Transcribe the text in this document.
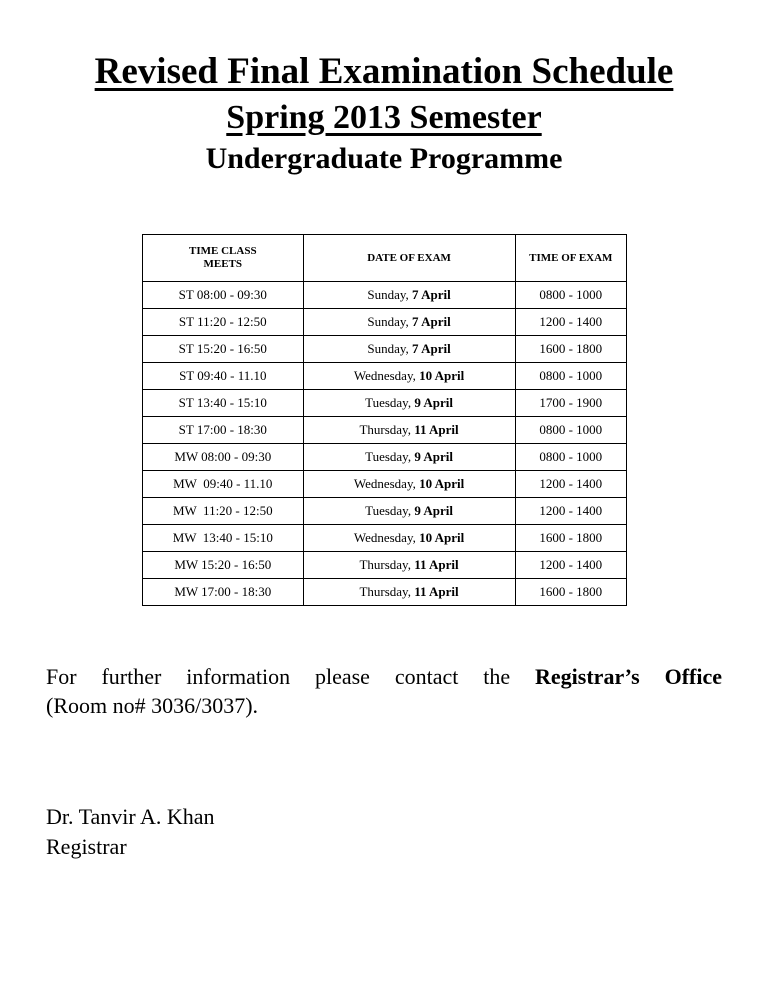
Revised Final Examination Schedule
Spring 2013 Semester
Undergraduate Programme
TIME CLASS
MEETS	DATE OF EXAM	TIME OF EXAM
ST 08:00 - 09:30	Sunday, 7 April	0800 - 1000
ST 11:20 - 12:50	Sunday, 7 April	1200 - 1400
ST 15:20 - 16:50	Sunday, 7 April	1600 - 1800
ST 09:40 - 11.10	Wednesday, 10 April	0800 - 1000
ST 13:40 - 15:10	Tuesday, 9 April	1700 - 1900
ST 17:00 - 18:30	Thursday, 11 April	0800 - 1000
MW 08:00 - 09:30	Tuesday, 9 April	0800 - 1000
MW  09:40 - 11.10	Wednesday, 10 April	1200 - 1400
MW  11:20 - 12:50	Tuesday, 9 April	1200 - 1400
MW  13:40 - 15:10	Wednesday, 10 April	1600 - 1800
MW 15:20 - 16:50	Thursday, 11 April	1200 - 1400
MW 17:00 - 18:30	Thursday, 11 April	1600 - 1800
For further information please contact the Registrar’s Office
(Room no# 3036/3037).
Dr. Tanvir A. Khan
Registrar
